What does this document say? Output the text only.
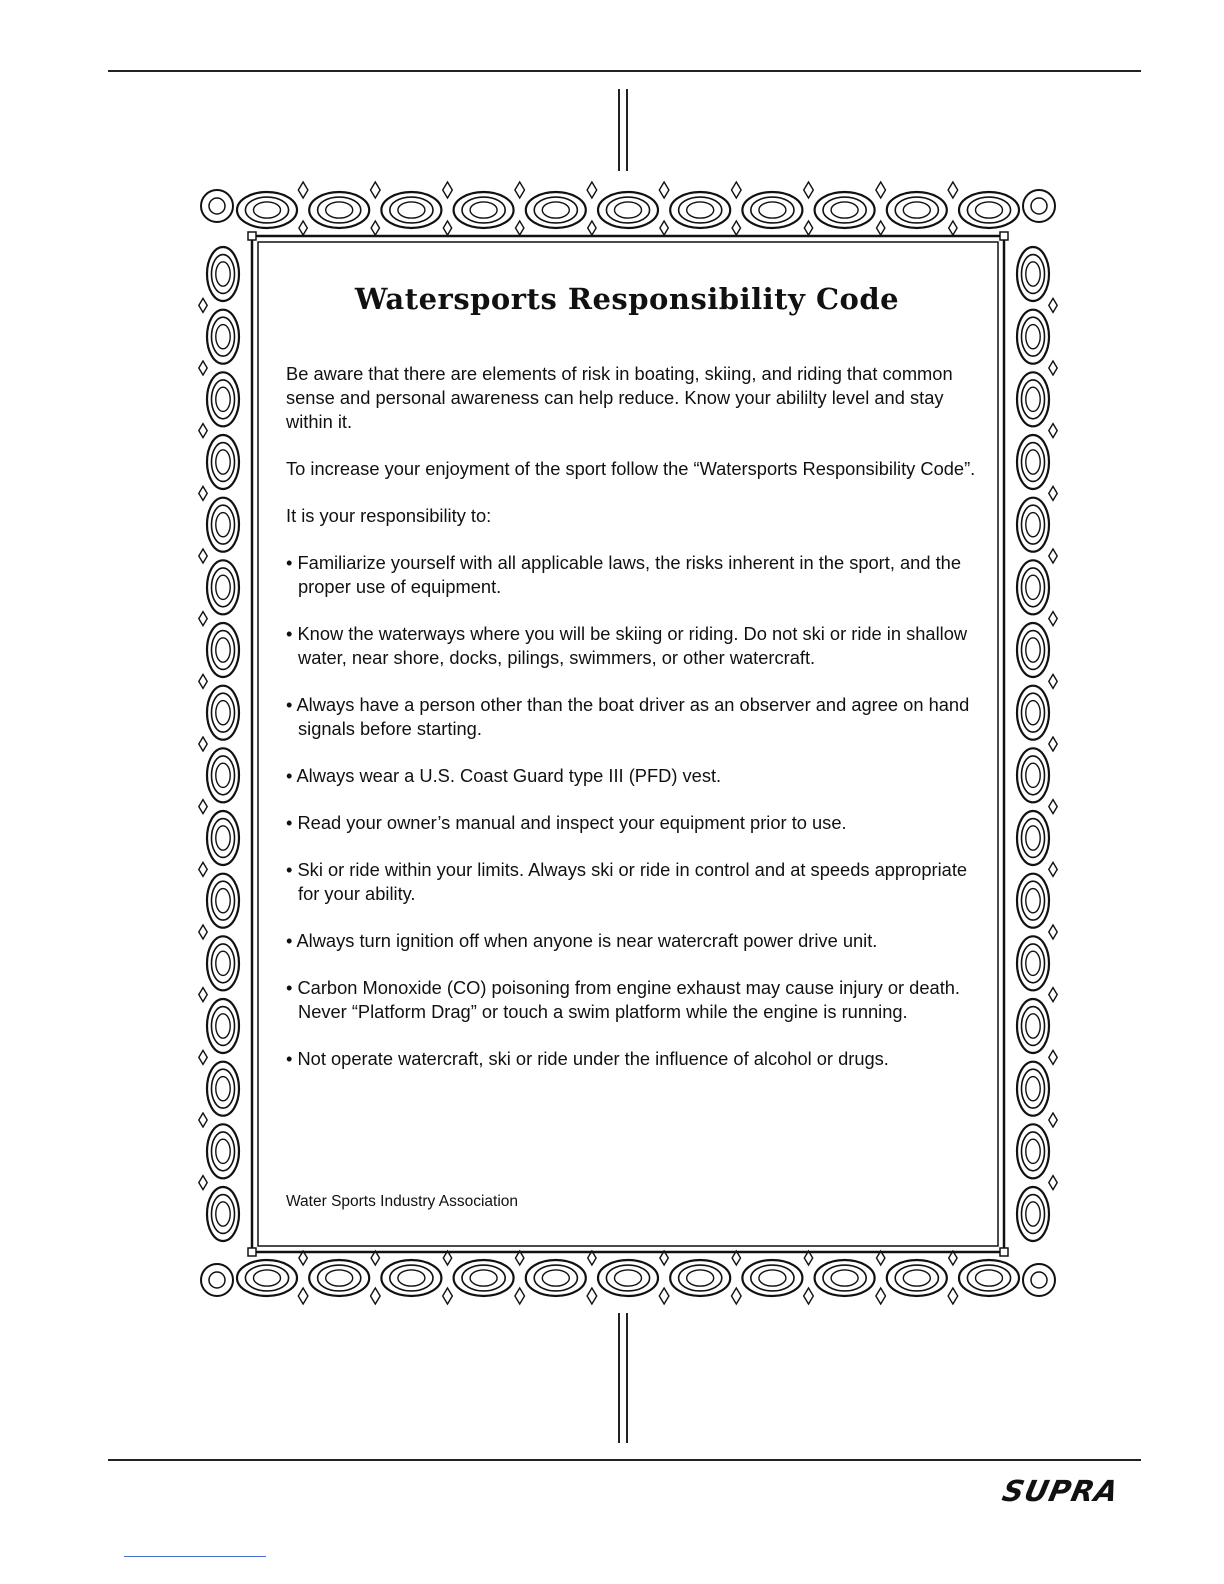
Watersports Responsibility Code

Be aware that there are elements of risk in boating, skiing, and riding that common sense and personal awareness can help reduce. Know your abililty level and stay within it.

To increase your enjoyment of the sport follow the “Watersports Responsibility Code”.

It is your responsibility to:

• Familiarize yourself with all applicable laws, the risks inherent in the sport, and the proper use of equipment.

• Know the waterways where you will be skiing or riding. Do not ski or ride in shallow water, near shore, docks, pilings, swimmers, or other watercraft.

• Always have a person other than the boat driver as an observer and agree on hand signals before starting.

• Always wear a U.S. Coast Guard type III (PFD) vest.

• Read your owner’s manual and inspect your equipment prior to use.

• Ski or ride within your limits. Always ski or ride in control and at speeds appropriate for your ability.

• Always turn ignition off when anyone is near watercraft power drive unit.

• Carbon Monoxide (CO) poisoning from engine exhaust may cause injury or death. Never “Platform Drag” or touch a swim platform while the engine is running.

• Not operate watercraft, ski or ride under the influence of alcohol or drugs.

Water Sports Industry Association
SUPRA
